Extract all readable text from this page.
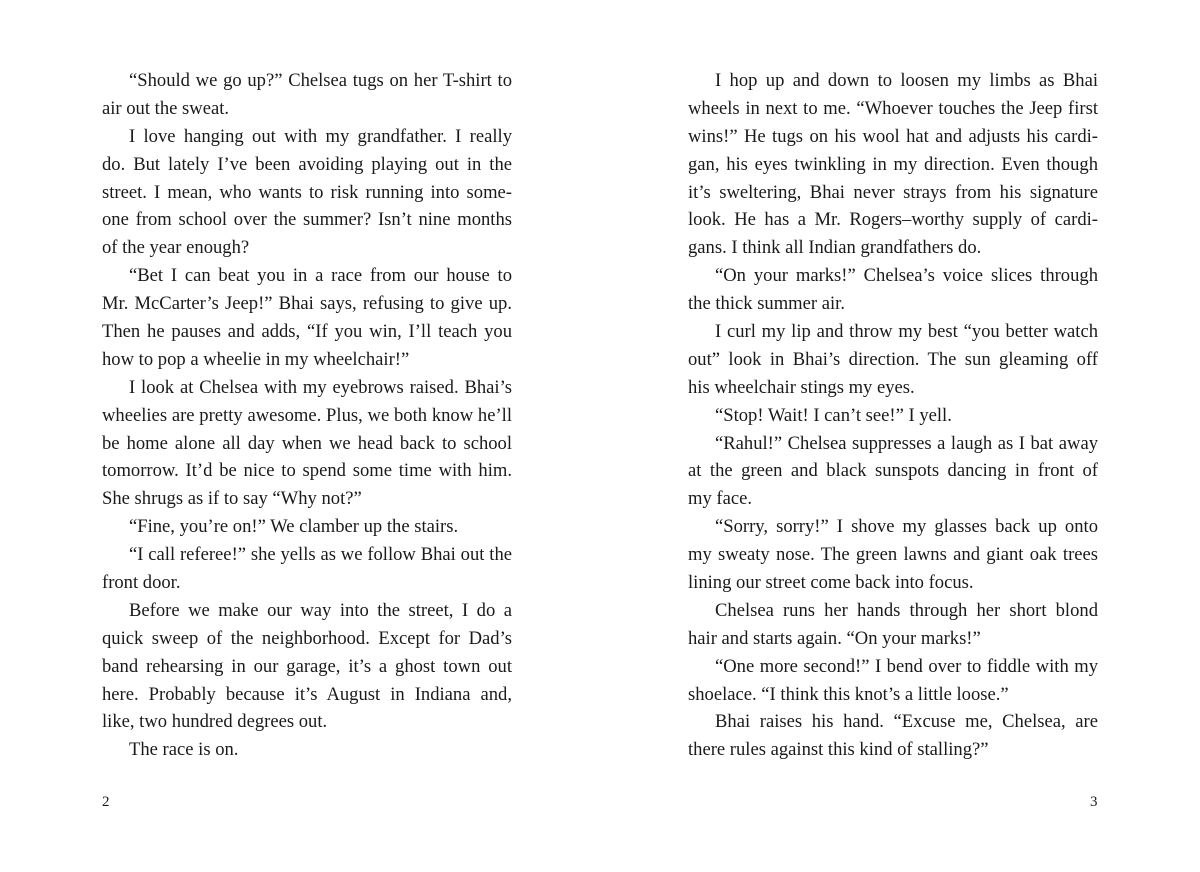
“Should we go up?” Chelsea tugs on her T-shirt to
air out the sweat.
I love hanging out with my grandfather. I really
do. But lately I’ve been avoiding playing out in the
street. I mean, who wants to risk running into some-
one from school over the summer? Isn’t nine months
of the year enough?
“Bet I can beat you in a race from our house to
Mr. McCarter’s Jeep!” Bhai says, refusing to give up.
Then he pauses and adds, “If you win, I’ll teach you
how to pop a wheelie in my wheelchair!”
I look at Chelsea with my eyebrows raised. Bhai’s
wheelies are pretty awesome. Plus, we both know he’ll
be home alone all day when we head back to school
tomorrow. It’d be nice to spend some time with him.
She shrugs as if to say “Why not?”
“Fine, you’re on!” We clamber up the stairs.
“I call referee!” she yells as we follow Bhai out the
front door.
Before we make our way into the street, I do a
quick sweep of the neighborhood. Except for Dad’s
band rehearsing in our garage, it’s a ghost town out
here. Probably because it’s August in Indiana and,
like, two hundred degrees out.
The race is on.
I hop up and down to loosen my limbs as Bhai
wheels in next to me. “Whoever touches the Jeep first
wins!” He tugs on his wool hat and adjusts his cardi-
gan, his eyes twinkling in my direction. Even though
it’s sweltering, Bhai never strays from his signature
look. He has a Mr. Rogers–worthy supply of cardi-
gans. I think all Indian grandfathers do.
“On your marks!” Chelsea’s voice slices through
the thick summer air.
I curl my lip and throw my best “you better watch
out” look in Bhai’s direction. The sun gleaming off
his wheelchair stings my eyes.
“Stop! Wait! I can’t see!” I yell.
“Rahul!” Chelsea suppresses a laugh as I bat away
at the green and black sunspots dancing in front of
my face.
“Sorry, sorry!” I shove my glasses back up onto
my sweaty nose. The green lawns and giant oak trees
lining our street come back into focus.
Chelsea runs her hands through her short blond
hair and starts again. “On your marks!”
“One more second!” I bend over to fiddle with my
shoelace. “I think this knot’s a little loose.”
Bhai raises his hand. “Excuse me, Chelsea, are
there rules against this kind of stalling?”
2	3
